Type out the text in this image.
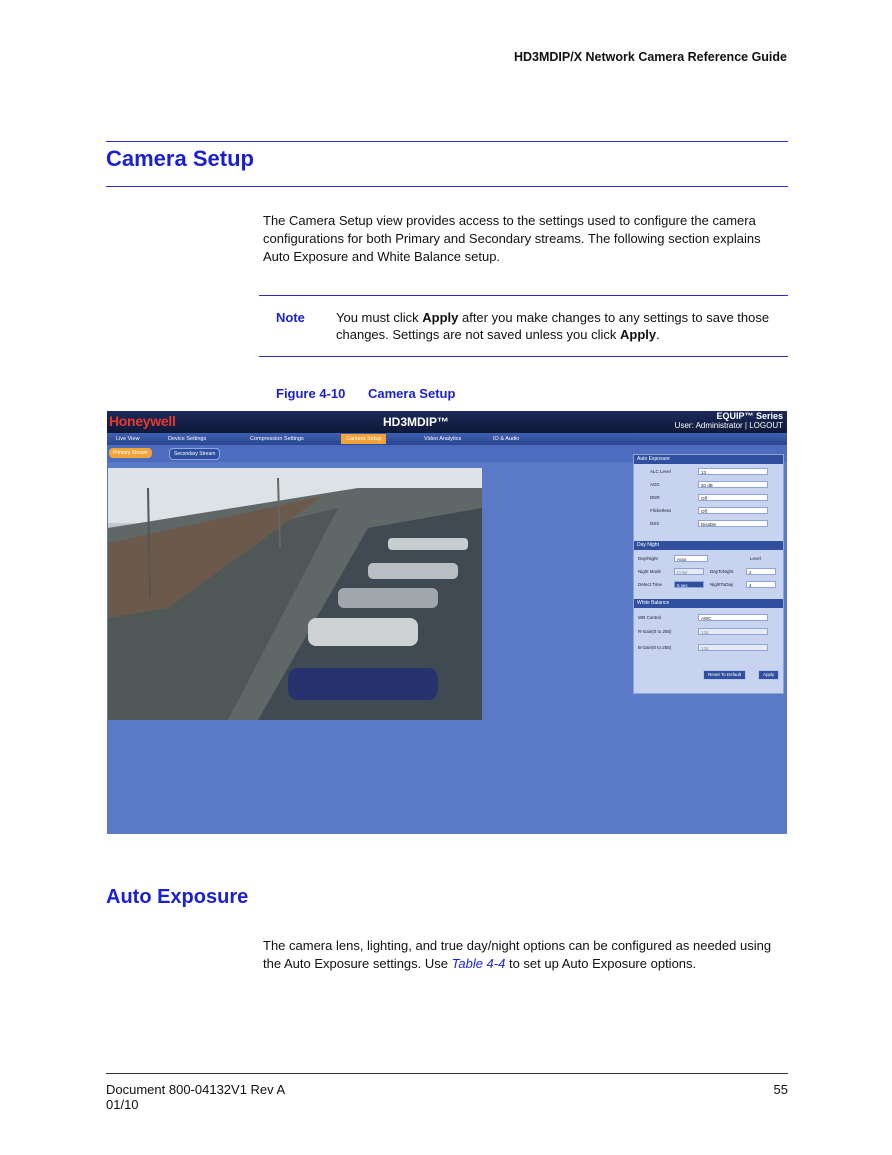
HD3MDIP/X Network Camera Reference Guide
Camera Setup
The Camera Setup view provides access to the settings used to configure the camera configurations for both Primary and Secondary streams. The following section explains Auto Exposure and White Balance setup.
Note You must click Apply after you make changes to any settings to save those changes. Settings are not saved unless you click Apply.
Figure 4-10 Camera Setup
Honeywell	HD3MDIP™	EQUIP™ Series
User: Administrator | LOGOUT
Live View	Device Settings	Compression Settings	Camera Setup	Video Analytics	IO & Audio
Primary Stream	Secondary Stream
Auto Exposure
ALC Level	13
AGC	30 dB
DNR	Off
Flickerless	Off
DSS	Disable
Day Night
Day/Night	Auto	Level
Night Mode	Color	DayToNight	2
Detect Time	5 sec	NightToDay	4
White Balance
WB Control	AWC
R-Gain(0 to 255)	128
B-Gain(0 to 255)	128
Reset To Default	Apply
Auto Exposure
The camera lens, lighting, and true day/night options can be configured as needed using the Auto Exposure settings. Use Table 4-4 to set up Auto Exposure options.
Document 800-04132V1 Rev A
01/10
55
